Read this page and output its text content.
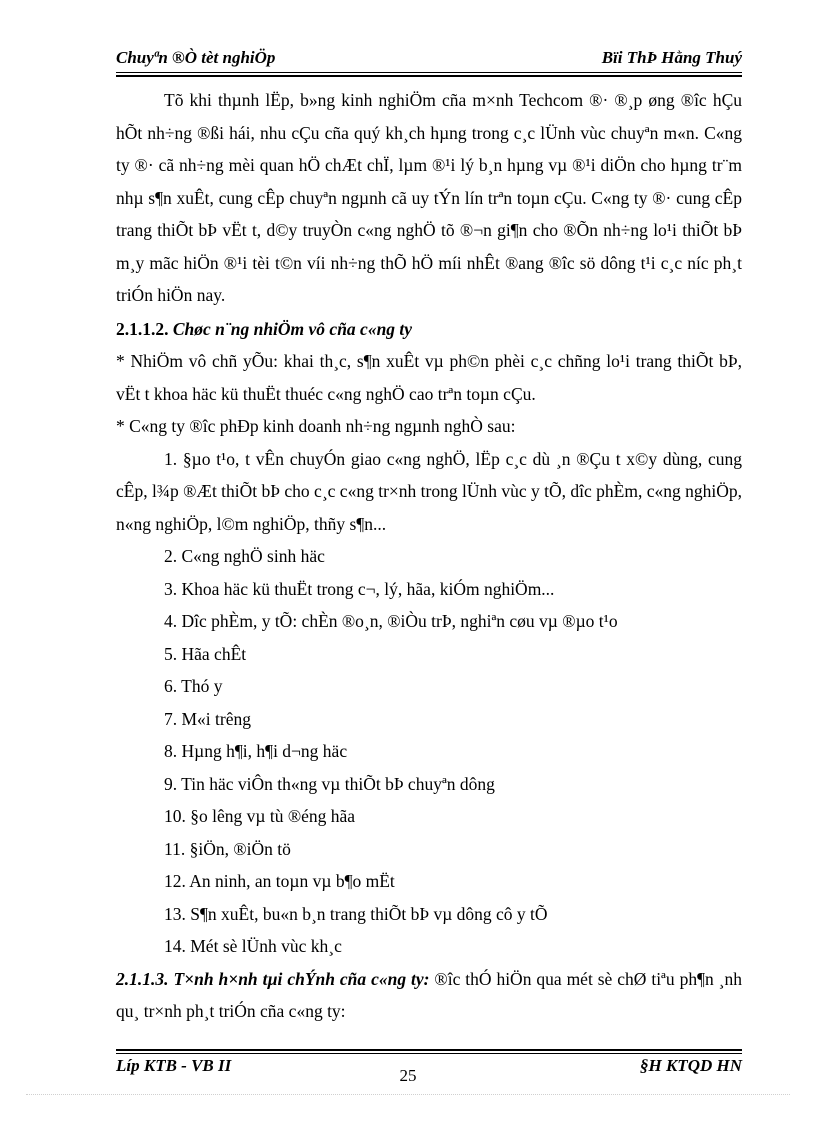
Chuyªn ®Ò tèt nghiÖp	Bïi ThÞ Hằng Thuý

Tõ khi thµnh lËp, b»ng kinh nghiÖm cña m×nh Techcom ®· ®¸p øng ®îc hÇu hÕt nh÷ng ®ßi hái, nhu cÇu cña quý kh¸ch hµng trong c¸c lÜnh vùc chuyªn m«n. C«ng ty ®· cã nh÷ng mèi quan hÖ chÆt chÏ, lµm ®¹i lý b¸n hµng vµ ®¹i diÖn cho hµng tr¨m nhµ s¶n xuÊt, cung cÊp chuyªn ngµnh cã uy tÝn lín trªn toµn cÇu. C«ng ty ®· cung cÊp trang thiÕt bÞ vËt t, d©y truyÒn c«ng nghÖ tõ ®¬n gi¶n cho ®Õn nh÷ng lo¹i thiÕt bÞ m¸y mãc hiÖn ®¹i tèi t©n víi nh÷ng thÕ hÖ míi nhÊt ®ang ®îc sö dông t¹i c¸c níc ph¸t triÓn hiÖn nay.

2.1.1.2. Chøc n¨ng nhiÖm vô cña c«ng ty

* NhiÖm vô chñ yÕu: khai th¸c, s¶n xuÊt vµ ph©n phèi c¸c chñng lo¹i trang thiÕt bÞ, vËt t khoa häc kü thuËt thuéc c«ng nghÖ cao trªn toµn cÇu.

* C«ng ty ®îc phÐp kinh doanh nh÷ng ngµnh nghÒ sau:

1. §µo t¹o, t vÊn chuyÓn giao c«ng nghÖ, lËp c¸c dù ¸n ®Çu t x©y dùng, cung cÊp, l¾p ®Æt thiÕt bÞ cho c¸c c«ng tr×nh trong lÜnh vùc y tÕ, dîc phÈm, c«ng nghiÖp, n«ng nghiÖp, l©m nghiÖp, thñy s¶n...

2. C«ng nghÖ sinh häc

3. Khoa häc kü thuËt trong c¬, lý, hãa, kiÓm nghiÖm...

4. Dîc phÈm, y tÕ: chÈn ®o¸n, ®iÒu trÞ, nghiªn cøu vµ ®µo t¹o

5. Hãa chÊt

6. Thó y

7. M«i trêng

8. Hµng h¶i, h¶i d¬ng häc

9. Tin häc viÔn th«ng vµ thiÕt bÞ chuyªn dông

10. §o lêng vµ tù ®éng hãa

11. §iÖn, ®iÖn tö

12. An ninh, an toµn vµ b¶o mËt

13. S¶n xuÊt, bu«n b¸n trang thiÕt bÞ vµ dông cô y tÕ

14. Mét sè lÜnh vùc kh¸c

2.1.1.3. T×nh h×nh tµi chÝnh cña c«ng ty: ®îc thÓ hiÖn qua mét sè chØ tiªu ph¶n ¸nh qu¸ tr×nh ph¸t triÓn cña c«ng ty:

Líp KTB - VB II	§H KTQD HN
25
